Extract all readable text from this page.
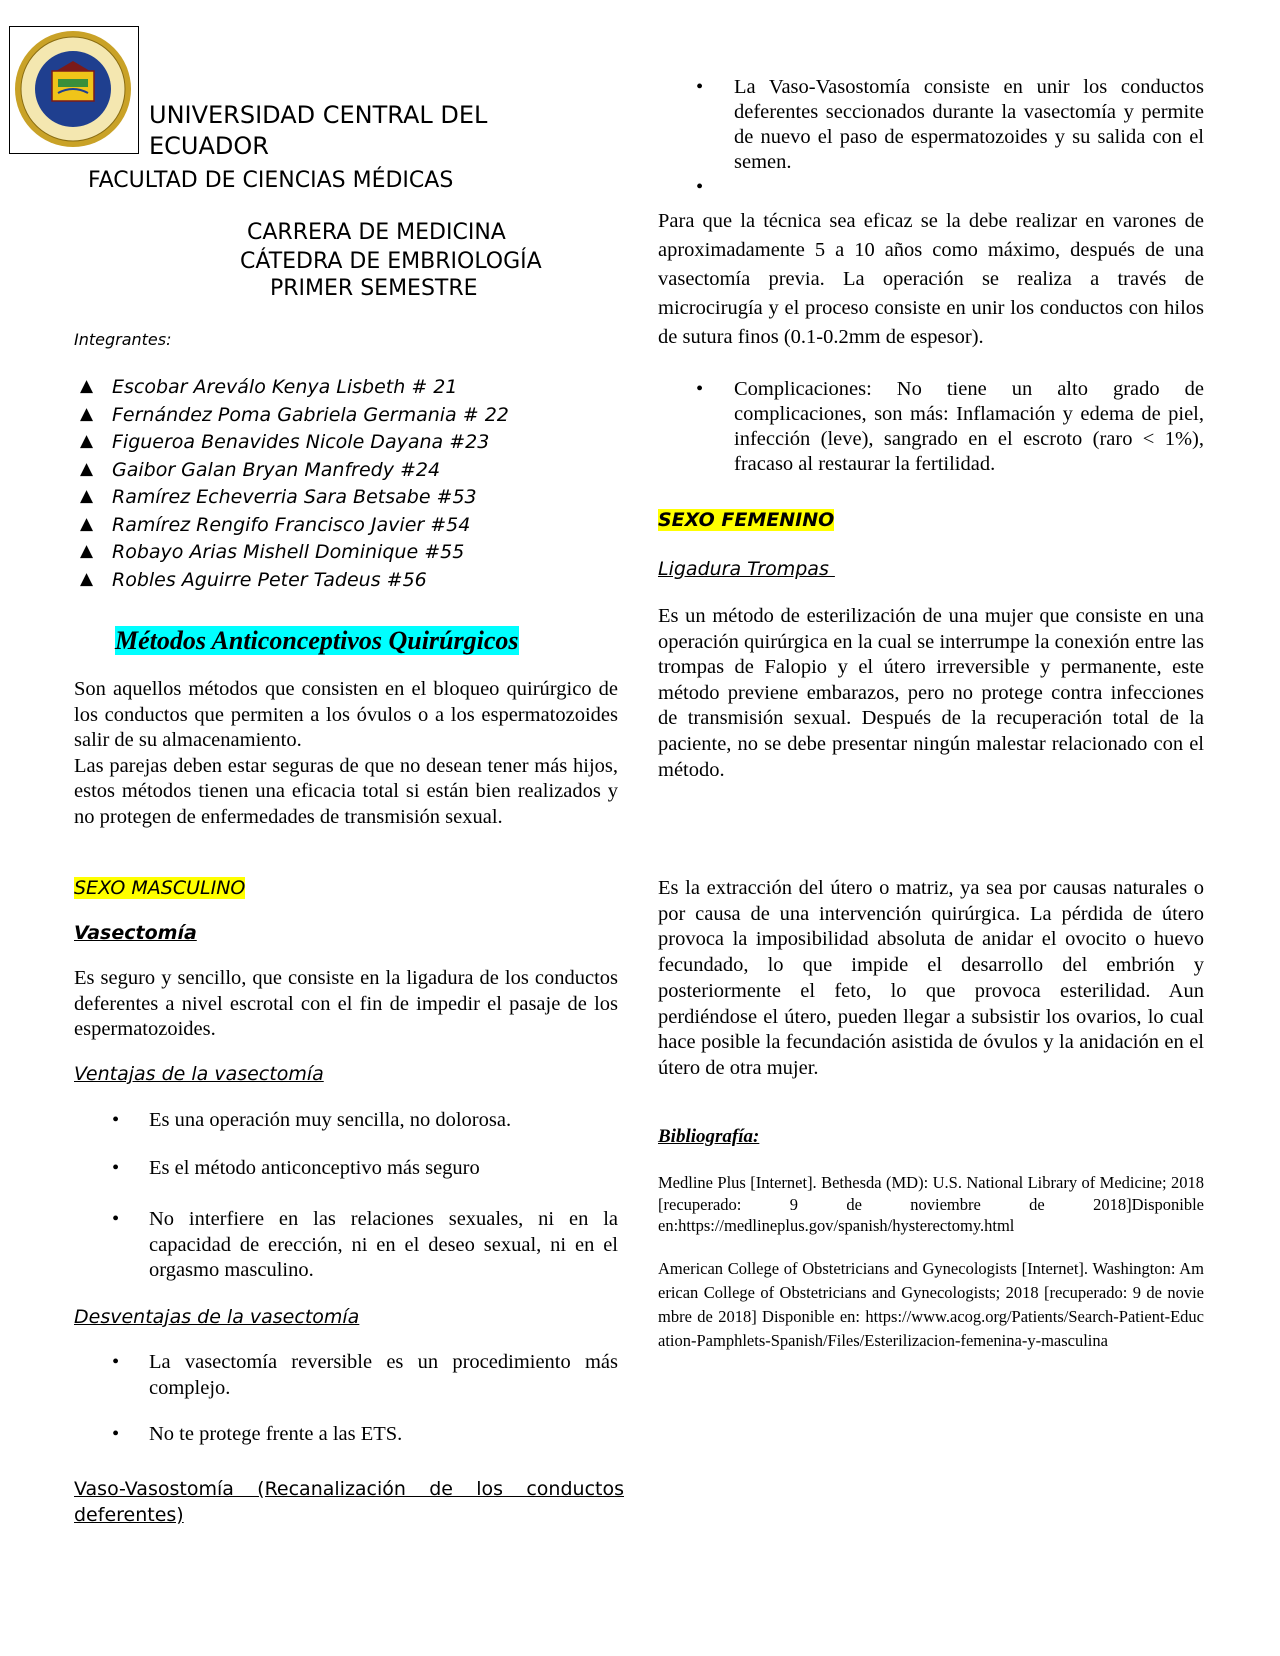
UNIVERSIDAD CENTRAL DEL
ECUADOR
FACULTAD DE CIENCIAS MÉDICAS
CARRERA DE MEDICINA
CÁTEDRA DE EMBRIOLOGÍA
PRIMER SEMESTRE
Integrantes:
▲ Escobar Areválo Kenya Lisbeth # 21
▲ Fernández Poma Gabriela Germania # 22
▲ Figueroa Benavides Nicole Dayana #23
▲ Gaibor Galan Bryan Manfredy #24
▲ Ramírez Echeverria Sara Betsabe #53
▲ Ramírez Rengifo Francisco Javier #54
▲ Robayo Arias Mishell Dominique #55
▲ Robles Aguirre Peter Tadeus #56
Métodos Anticonceptivos Quirúrgicos
Son aquellos métodos que consisten en el bloqueo quirúrgico de los conductos que permiten a los óvulos o a los espermatozoides salir de su almacenamiento.
Las parejas deben estar seguras de que no desean tener más hijos, estos métodos tienen una eficacia total si están bien realizados y no protegen de enfermedades de transmisión sexual.
SEXO MASCULINO
Vasectomía
Es seguro y sencillo, que consiste en la ligadura de los conductos deferentes a nivel escrotal con el fin de impedir el pasaje de los espermatozoides.
Ventajas de la vasectomía
• Es una operación muy sencilla, no dolorosa.
• Es el método anticonceptivo más seguro
• No interfiere en las relaciones sexuales, ni en la capacidad de erección, ni en el deseo sexual, ni en el orgasmo masculino.
Desventajas de la vasectomía
• La vasectomía reversible es un procedimiento más complejo.
• No te protege frente a las ETS.
Vaso-Vasostomía (Recanalización de los conductos deferentes)
• La Vaso-Vasostomía consiste en unir los conductos deferentes seccionados durante la vasectomía y permite de nuevo el paso de espermatozoides y su salida con el semen.
•
Para que la técnica sea eficaz se la debe realizar en varones de aproximadamente 5 a 10 años como máximo, después de una vasectomía previa. La operación se realiza a través de microcirugía y el proceso consiste en unir los conductos con hilos de sutura finos (0.1-0.2mm de espesor).
• Complicaciones: No tiene un alto grado de complicaciones, son más: Inflamación y edema de piel, infección (leve), sangrado en el escroto (raro < 1%), fracaso al restaurar la fertilidad.
SEXO FEMENINO
Ligadura Trompas
Es un método de esterilización de una mujer que consiste en una operación quirúrgica en la cual se interrumpe la conexión entre las trompas de Falopio y el útero irreversible y permanente, este método previene embarazos, pero no protege contra infecciones de transmisión sexual. Después de la recuperación total de la paciente, no se debe presentar ningún malestar relacionado con el método.
Es la extracción del útero o matriz, ya sea por causas naturales o por causa de una intervención quirúrgica. La pérdida de útero provoca la imposibilidad absoluta de anidar el ovocito o huevo fecundado, lo que impide el desarrollo del embrión y posteriormente el feto, lo que provoca esterilidad. Aun perdiéndose el útero, pueden llegar a subsistir los ovarios, lo cual hace posible la fecundación asistida de óvulos y la anidación en el útero de otra mujer.
Bibliografía:
Medline Plus [Internet]. Bethesda (MD): U.S. National Library of Medicine; 2018 [recuperado: 9 de noviembre de 2018]Disponible en:https://medlineplus.gov/spanish/hysterectomy.html
American College of Obstetricians and Gynecologists [Internet]. Washington: American College of Obstetricians and Gynecologists; 2018 [recuperado: 9 de noviembre de 2018] Disponible en: https://www.acog.org/Patients/Search-Patient-Education-Pamphlets-Spanish/Files/Esterilizacion-femenina-y-masculina
